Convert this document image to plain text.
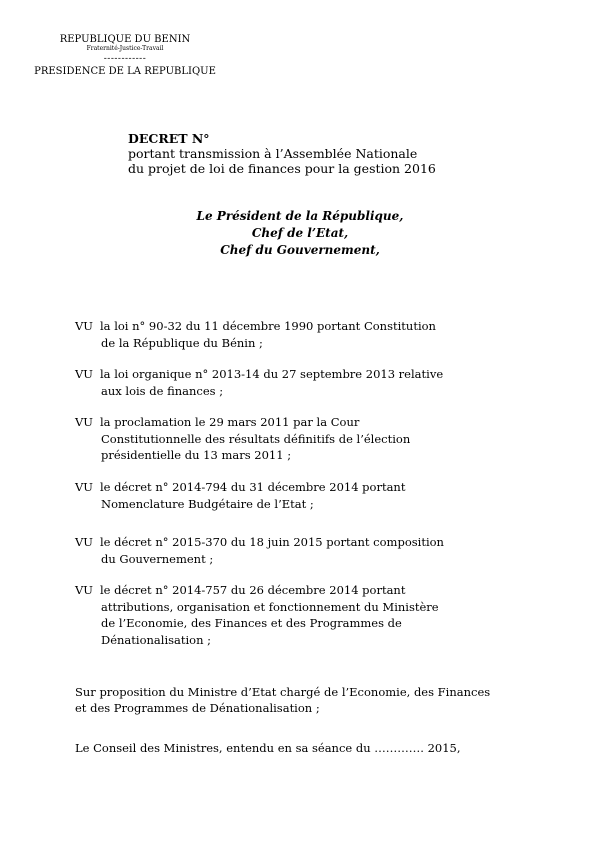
REPUBLIQUE DU BENIN
Fraternité-Justice-Travail
------------
PRESIDENCE DE LA REPUBLIQUE
DECRET N°
portant transmission à l’Assemblée Nationale
du projet de loi de finances pour la gestion 2016
Le Président de la République,
Chef de l’Etat,
Chef du Gouvernement,
VU la loi n° 90-32 du 11 décembre 1990 portant Constitution
de la République du Bénin ;
VU la loi organique n° 2013-14 du 27 septembre 2013 relative
aux lois de finances ;
VU la proclamation le 29 mars 2011 par la Cour
Constitutionnelle des résultats définitifs de l’élection
présidentielle du 13 mars 2011 ;
VU le décret n° 2014-794 du 31 décembre 2014 portant
Nomenclature Budgétaire de l’Etat ;
VU le décret n° 2015-370 du 18 juin 2015 portant composition
du Gouvernement ;
VU le décret n° 2014-757 du 26 décembre 2014 portant
attributions, organisation et fonctionnement du Ministère
de l’Economie, des Finances et des Programmes de
Dénationalisation ;
Sur proposition du Ministre d’Etat chargé de l’Economie, des Finances
et des Programmes de Dénationalisation ;
Le Conseil des Ministres, entendu en sa séance du …………. 2015,
